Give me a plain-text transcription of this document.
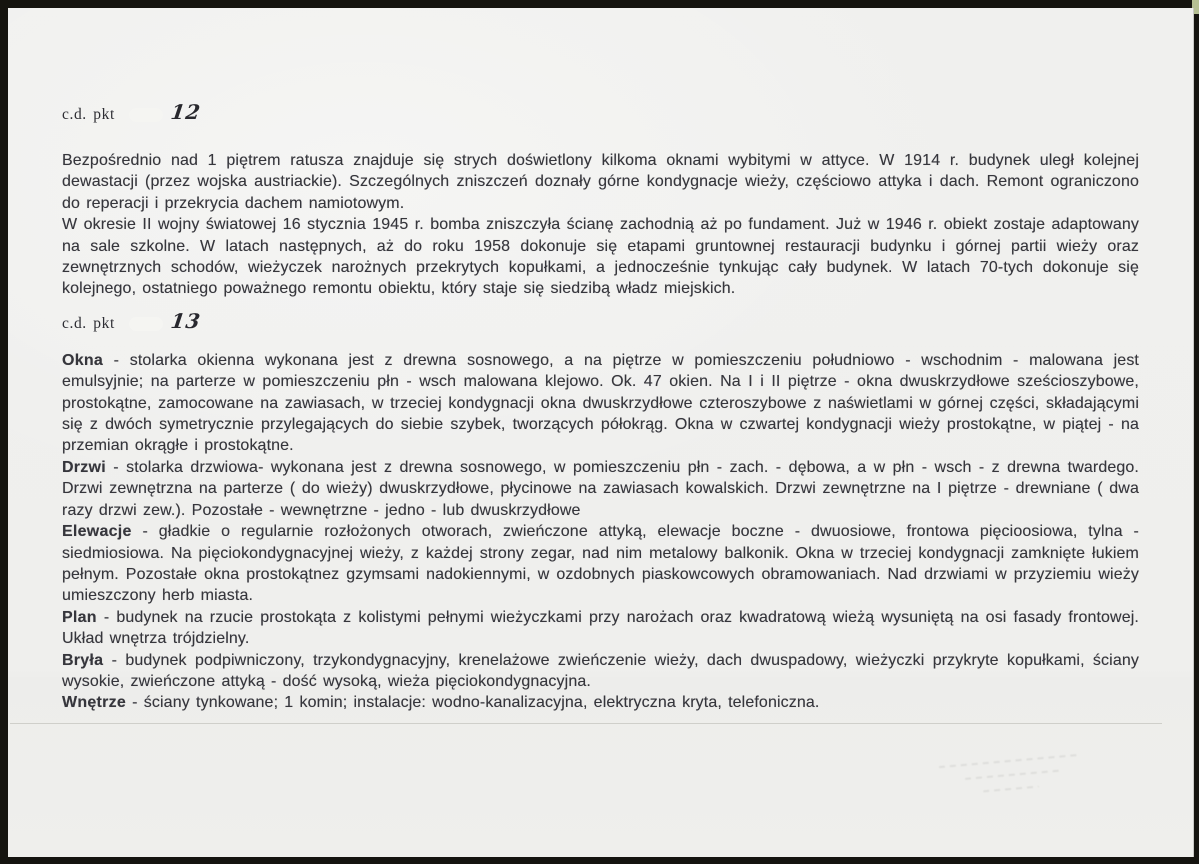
c.d. pkt	12

Bezpośrednio nad 1 piętrem ratusza znajduje się strych doświetlony kilkoma oknami wybitymi w attyce. W 1914 r. budynek uległ kolejnej dewastacji (przez wojska austriackie). Szczególnych zniszczeń doznały górne kondygnacje wieży, częściowo attyka i dach. Remont ograniczono do reperacji i przekrycia dachem namiotowym.

W okresie II wojny światowej 16 stycznia 1945 r. bomba zniszczyła ścianę zachodnią aż po fundament. Już w 1946 r. obiekt zostaje adaptowany na sale szkolne. W latach następnych, aż do roku 1958 dokonuje się etapami gruntownej restauracji budynku i górnej partii wieży oraz zewnętrznych schodów, wieżyczek narożnych przekrytych kopułkami, a jednocześnie tynkując cały budynek. W latach 70-tych dokonuje się kolejnego, ostatniego poważnego remontu obiektu, który staje się siedzibą władz miejskich.

c.d. pkt	13

Okna - stolarka okienna wykonana jest z drewna sosnowego, a na piętrze w pomieszczeniu południowo - wschodnim - malowana jest emulsyjnie; na parterze w pomieszczeniu płn - wsch malowana klejowo. Ok. 47 okien. Na I i II piętrze - okna dwuskrzydłowe sześcioszybowe, prostokątne, zamocowane na zawiasach, w trzeciej kondygnacji okna dwuskrzydłowe czteroszybowe z naświetlami w górnej części, składającymi się z dwóch symetrycznie przylegających do siebie szybek, tworzących półokrąg. Okna w czwartej kondygnacji wieży prostokątne, w piątej - na przemian okrągłe i prostokątne.

Drzwi - stolarka drzwiowa- wykonana jest z drewna sosnowego, w pomieszczeniu płn - zach. - dębowa, a w płn - wsch - z drewna twardego. Drzwi zewnętrzna na parterze ( do wieży) dwuskrzydłowe, płycinowe na zawiasach kowalskich. Drzwi zewnętrzne na I piętrze - drewniane ( dwa razy drzwi zew.). Pozostałe - wewnętrzne - jedno - lub dwuskrzydłowe

Elewacje - gładkie o regularnie rozłożonych otworach, zwieńczone attyką, elewacje boczne - dwuosiowe, frontowa pięcioosiowa, tylna - siedmiosiowa. Na pięciokondygnacyjnej wieży, z każdej strony zegar, nad nim metalowy balkonik. Okna w trzeciej kondygnacji zamknięte łukiem pełnym. Pozostałe okna prostokątnez gzymsami nadokiennymi, w ozdobnych piaskowcowych obramowaniach. Nad drzwiami w przyziemiu wieży umieszczony herb miasta.

Plan - budynek na rzucie prostokąta z kolistymi pełnymi wieżyczkami przy narożach oraz kwadratową wieżą wysuniętą na osi fasady frontowej. Układ wnętrza trójdzielny.

Bryła - budynek podpiwniczony, trzykondygnacyjny, krenelażowe zwieńczenie wieży, dach dwuspadowy, wieżyczki przykryte kopułkami, ściany wysokie, zwieńczone attyką - dość wysoką, wieża pięciokondygnacyjna.

Wnętrze - ściany tynkowane; 1 komin; instalacje: wodno-kanalizacyjna, elektryczna kryta, telefoniczna.
